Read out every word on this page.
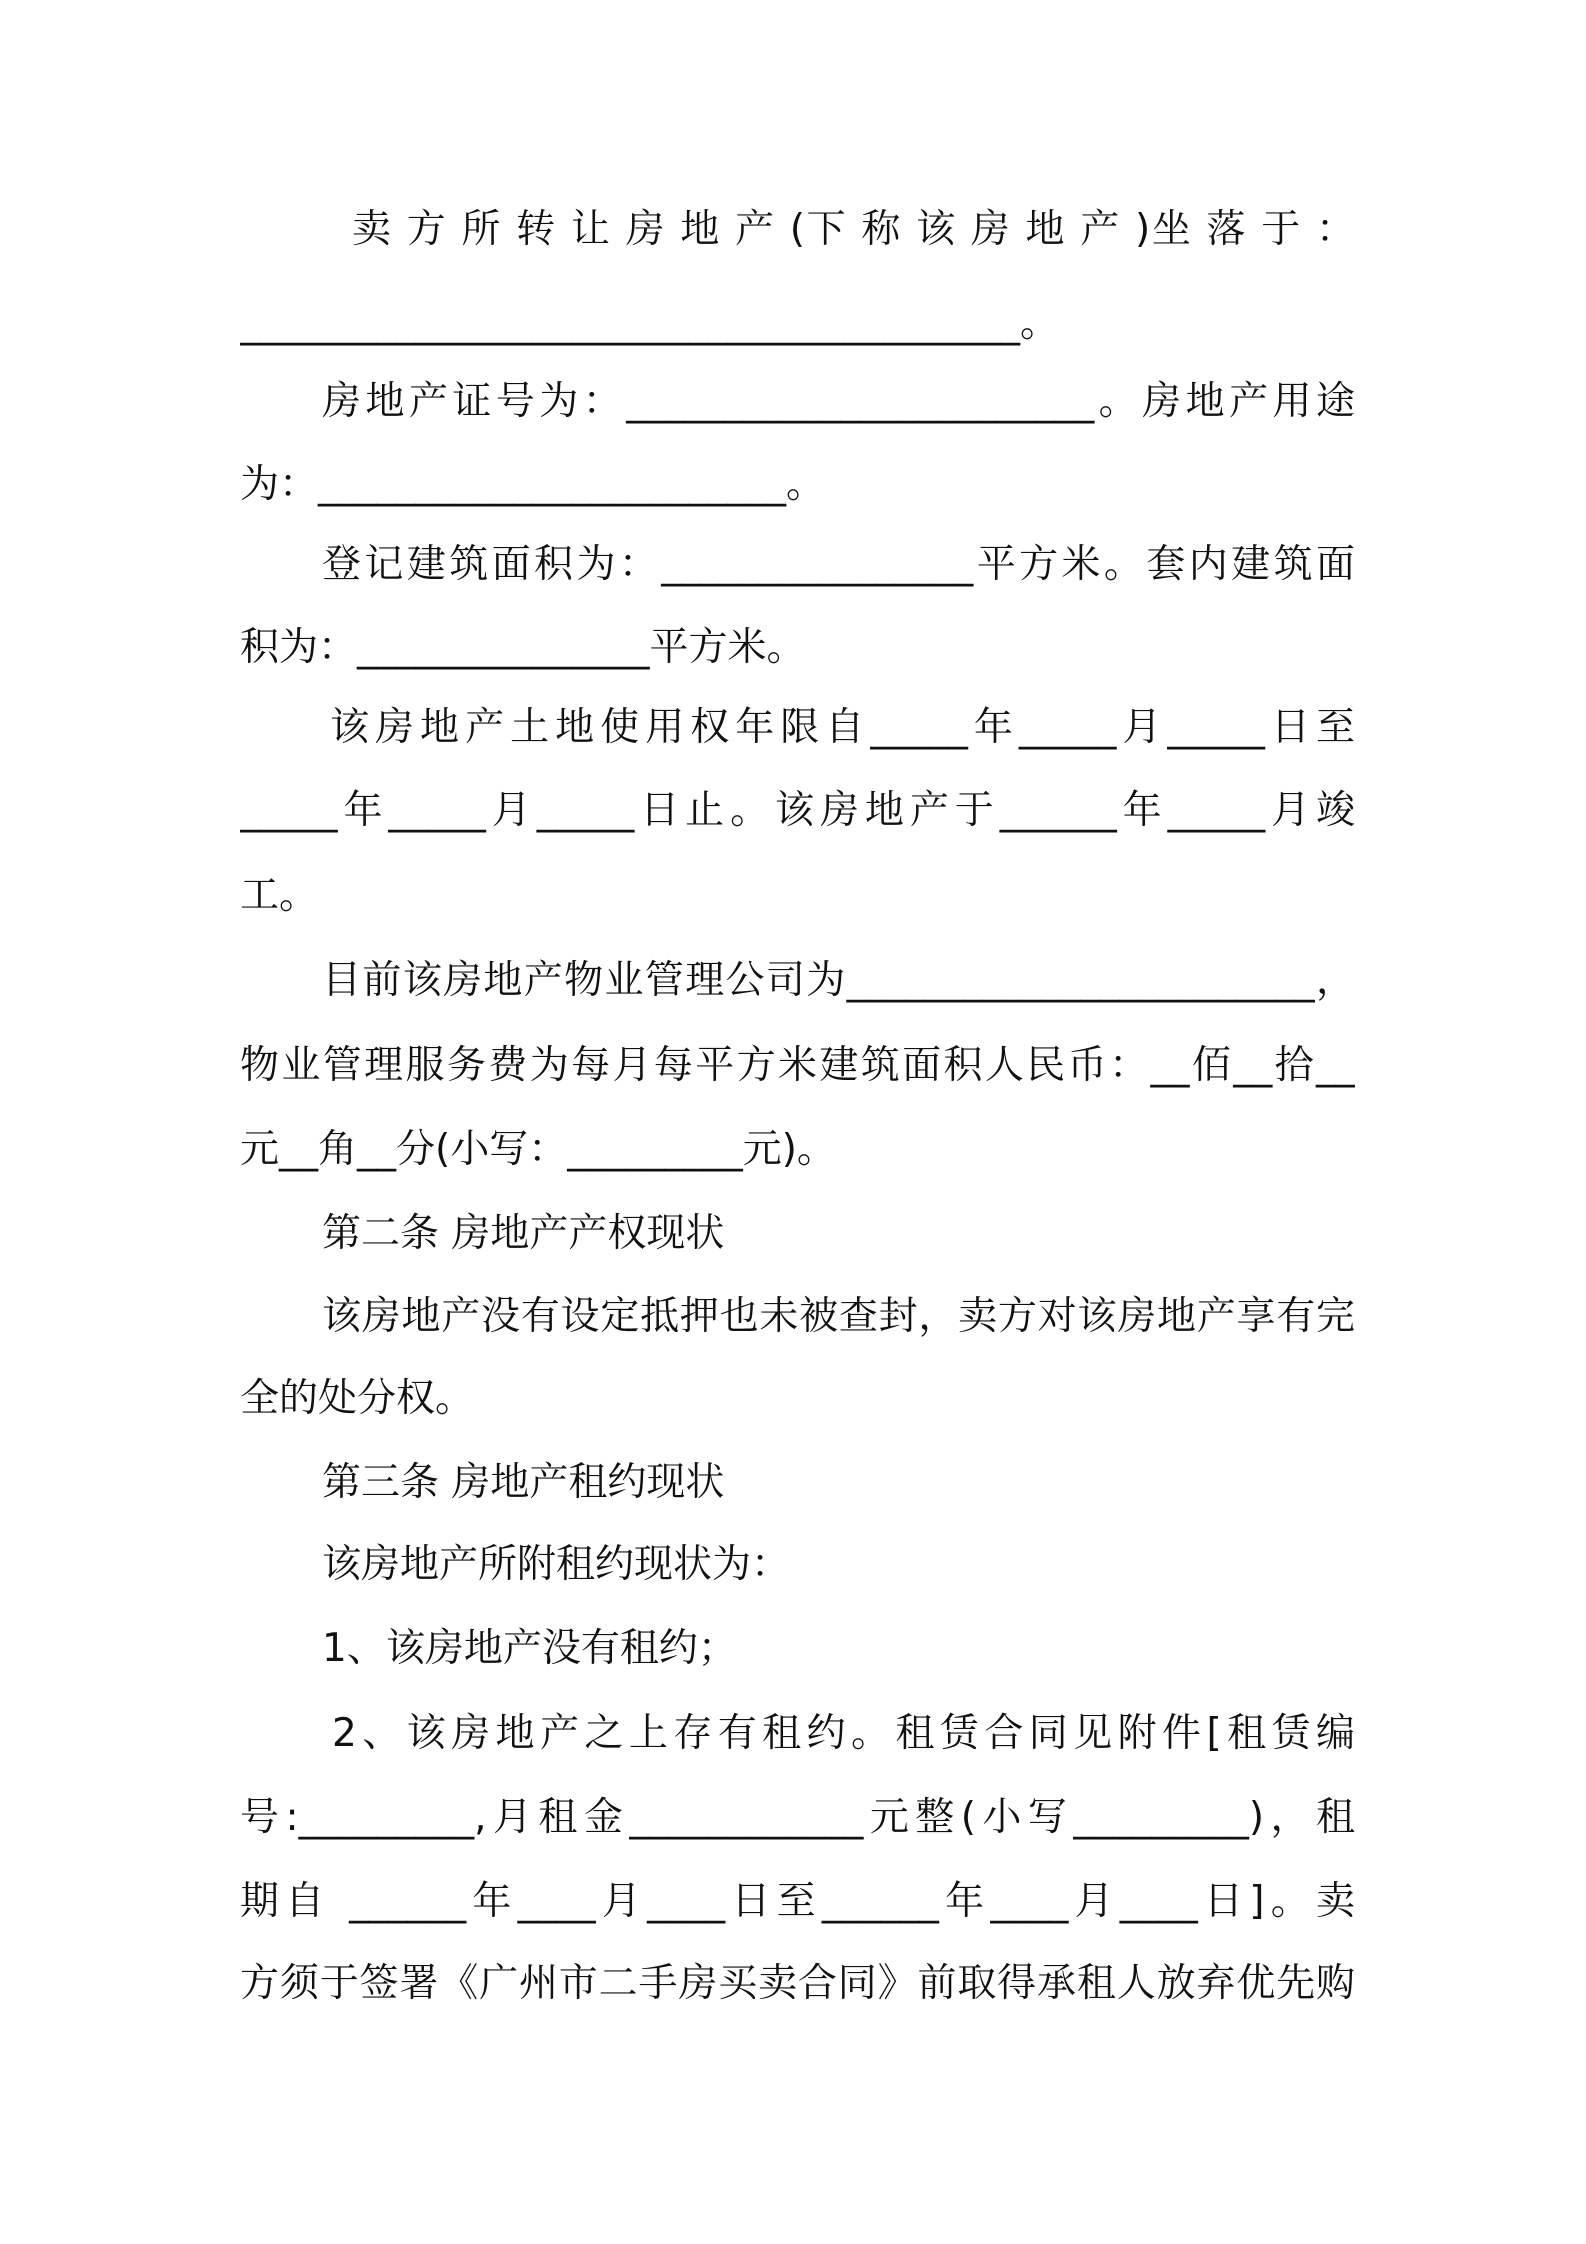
卖 方 所 转 让 房 地 产 (下 称 该 房 地 产 )坐 落 于 ：
________________________________________。
房地产证号为：________________________。房地产用途
为：________________________。
登记建筑面积为：________________平方米。套内建筑面
积为：_______________平方米。
该房地产土地使用权年限自_____年_____月_____日至
_____年_____月_____日止。该房地产于______年_____月竣
工。
目前该房地产物业管理公司为________________________，
物业管理服务费为每月每平方米建筑面积人民币：__佰__拾__
元__角__分(小写：_________元)。
第二条 房地产产权现状
该房地产没有设定抵押也未被查封，卖方对该房地产享有完
全的处分权。
第三条 房地产租约现状
该房地产所附租约现状为：
1、该房地产没有租约；
2、该房地产之上存有租约。租赁合同见附件[租赁编
号:_________,月租金____________元整(小写_________)，租
期自 ______年____月____日至______年____月____日]。卖
方须于签署《广州市二手房买卖合同》前取得承租人放弃优先购
